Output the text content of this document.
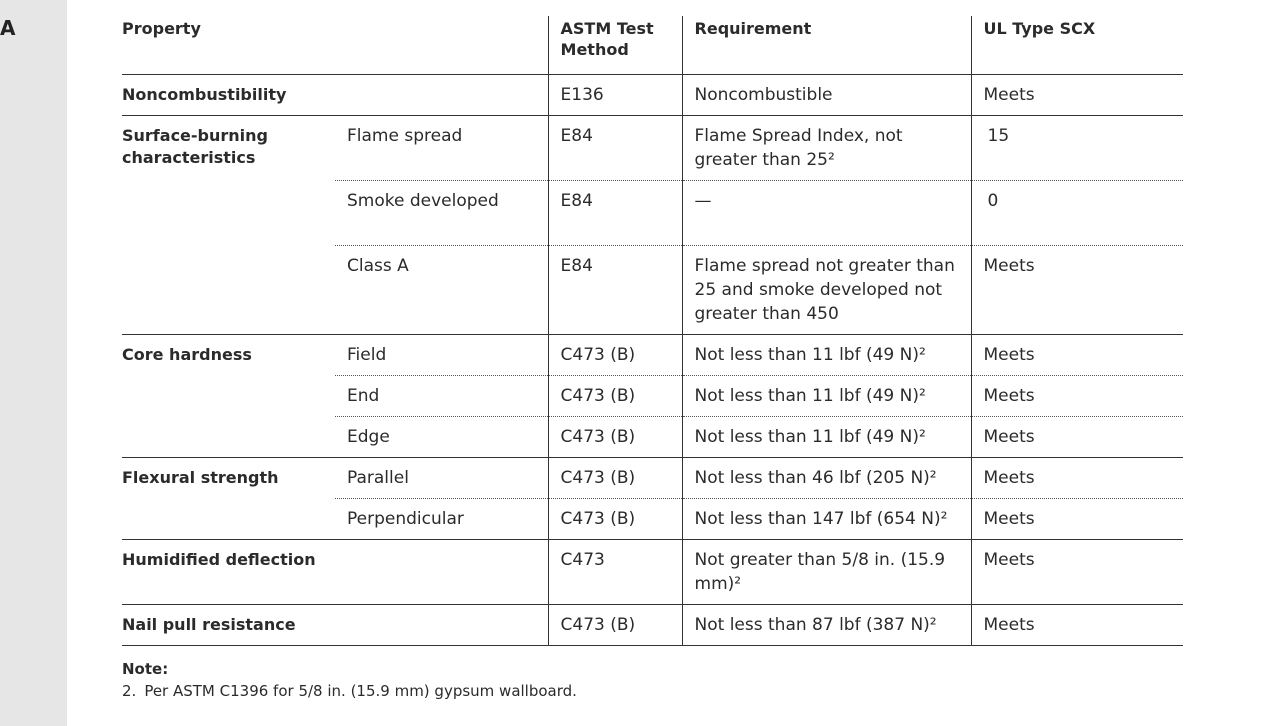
A	Property		ASTM Test Method	Requirement	UL Type SCX
Noncombustibility		E136	Noncombustible	Meets
Surface-burning characteristics	Flame spread	E84	Flame Spread Index, not greater than 25²	15
	Smoke developed	E84	—	0
	Class A	E84	Flame spread not greater than 25 and smoke developed not greater than 450	Meets
Core hardness	Field	C473 (B)	Not less than 11 lbf (49 N)²	Meets
	End	C473 (B)	Not less than 11 lbf (49 N)²	Meets
	Edge	C473 (B)	Not less than 11 lbf (49 N)²	Meets
Flexural strength	Parallel	C473 (B)	Not less than 46 lbf (205 N)²	Meets
	Perpendicular	C473 (B)	Not less than 147 lbf (654 N)²	Meets
Humidified deflection		C473	Not greater than 5/8 in. (15.9 mm)²	Meets
Nail pull resistance		C473 (B)	Not less than 87 lbf (387 N)²	Meets
Note:
2. Per ASTM C1396 for 5/8 in. (15.9 mm) gypsum wallboard.
